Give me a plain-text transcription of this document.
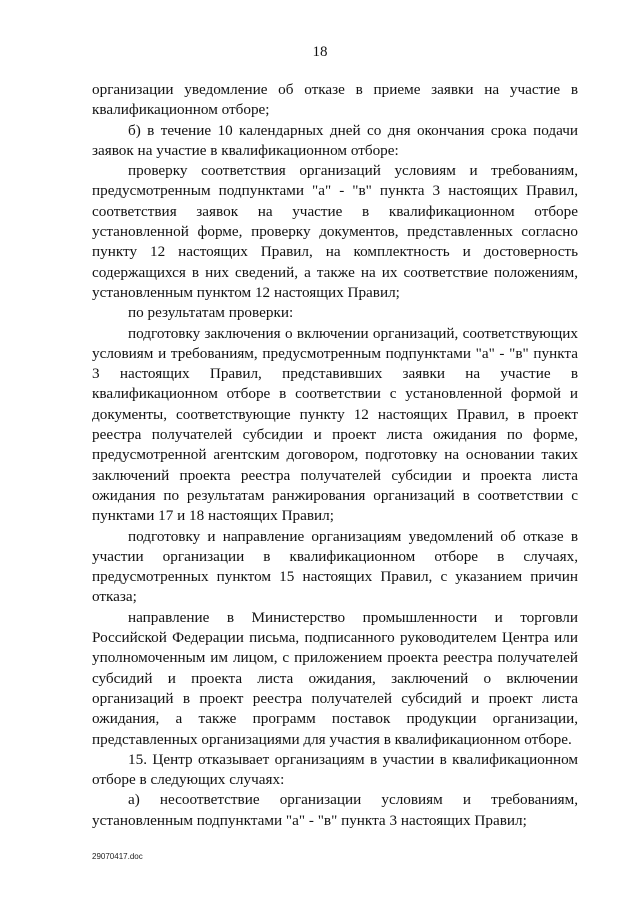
18

организации уведомление об отказе в приеме заявки на участие в квалификационном отборе;

б) в течение 10 календарных дней со дня окончания срока подачи заявок на участие в квалификационном отборе:

проверку соответствия организаций условиям и требованиям, предусмотренным подпунктами "а" - "в" пункта 3 настоящих Правил, соответствия заявок на участие в квалификационном отборе установленной форме, проверку документов, представленных согласно пункту 12 настоящих Правил, на комплектность и достоверность содержащихся в них сведений, а также на их соответствие положениям, установленным пунктом 12 настоящих Правил;

по результатам проверки:

подготовку заключения о включении организаций, соответствующих условиям и требованиям, предусмотренным подпунктами "а" - "в" пункта 3 настоящих Правил, представивших заявки на участие в квалификационном отборе в соответствии с установленной формой и документы, соответствующие пункту 12 настоящих Правил, в проект реестра получателей субсидии и проект листа ожидания по форме, предусмотренной агентским договором, подготовку на основании таких заключений проекта реестра получателей субсидии и проекта листа ожидания по результатам ранжирования организаций в соответствии с пунктами 17 и 18 настоящих Правил;

подготовку и направление организациям уведомлений об отказе в участии организации в квалификационном отборе в случаях, предусмотренных пунктом 15 настоящих Правил, с указанием причин отказа;

направление в Министерство промышленности и торговли Российской Федерации письма, подписанного руководителем Центра или уполномоченным им лицом, с приложением проекта реестра получателей субсидий и проекта листа ожидания, заключений о включении организаций в проект реестра получателей субсидий и проект листа ожидания, а также программ поставок продукции организации, представленных организациями для участия в квалификационном отборе.

15. Центр отказывает организациям в участии в квалификационном отборе в следующих случаях:

а) несоответствие организации условиям и требованиям, установленным подпунктами "а" - "в" пункта 3 настоящих Правил;

29070417.doc
